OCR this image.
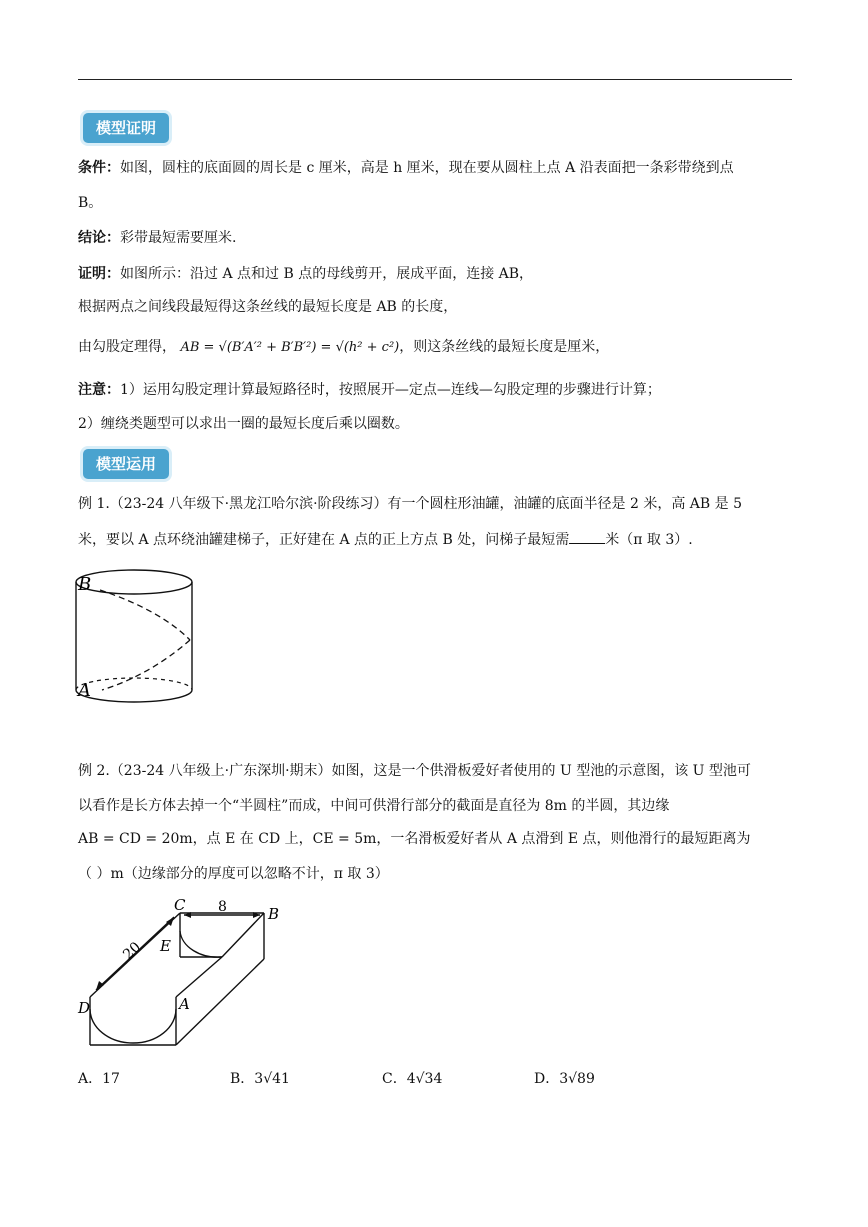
模型证明
条件：如图，圆柱的底面圆的周长是 c 厘米，高是 h 厘米，现在要从圆柱上点 A 沿表面把一条彩带绕到点
B。
结论：彩带最短需要厘米.
证明：如图所示：沿过 A 点和过 B 点的母线剪开，展成平面，连接 AB，
根据两点之间线段最短得这条丝线的最短长度是 AB 的长度，
由勾股定理得， AB = √(B′A′² + B′B′²) = √(h² + c²)，则这条丝线的最短长度是厘米，
注意：1）运用勾股定理计算最短路径时，按照展开—定点—连线—勾股定理的步骤进行计算；
2）缠绕类题型可以求出一圈的最短长度后乘以圈数。
模型运用
例 1.（23-24 八年级下·黑龙江哈尔滨·阶段练习）有一个圆柱形油罐，油罐的底面半径是 2 米，高 AB 是 5
米，要以 A 点环绕油罐建梯子，正好建在 A 点的正上方点 B 处，问梯子最短需	米（π 取 3）.
B
A
例 2.（23-24 八年级上·广东深圳·期末）如图，这是一个供滑板爱好者使用的 U 型池的示意图，该 U 型池可
以看作是长方体去掉一个“半圆柱”而成，中间可供滑行部分的截面是直径为 8m 的半圆，其边缘
AB = CD = 20m，点 E 在 CD 上，CE = 5m，一名滑板爱好者从 A 点滑到 E 点，则他滑行的最短距离为
（ ）m（边缘部分的厚度可以忽略不计，π 取 3）
C	B
E
D	A
8
20
A．17	B．3√41	C．4√34	D．3√89
